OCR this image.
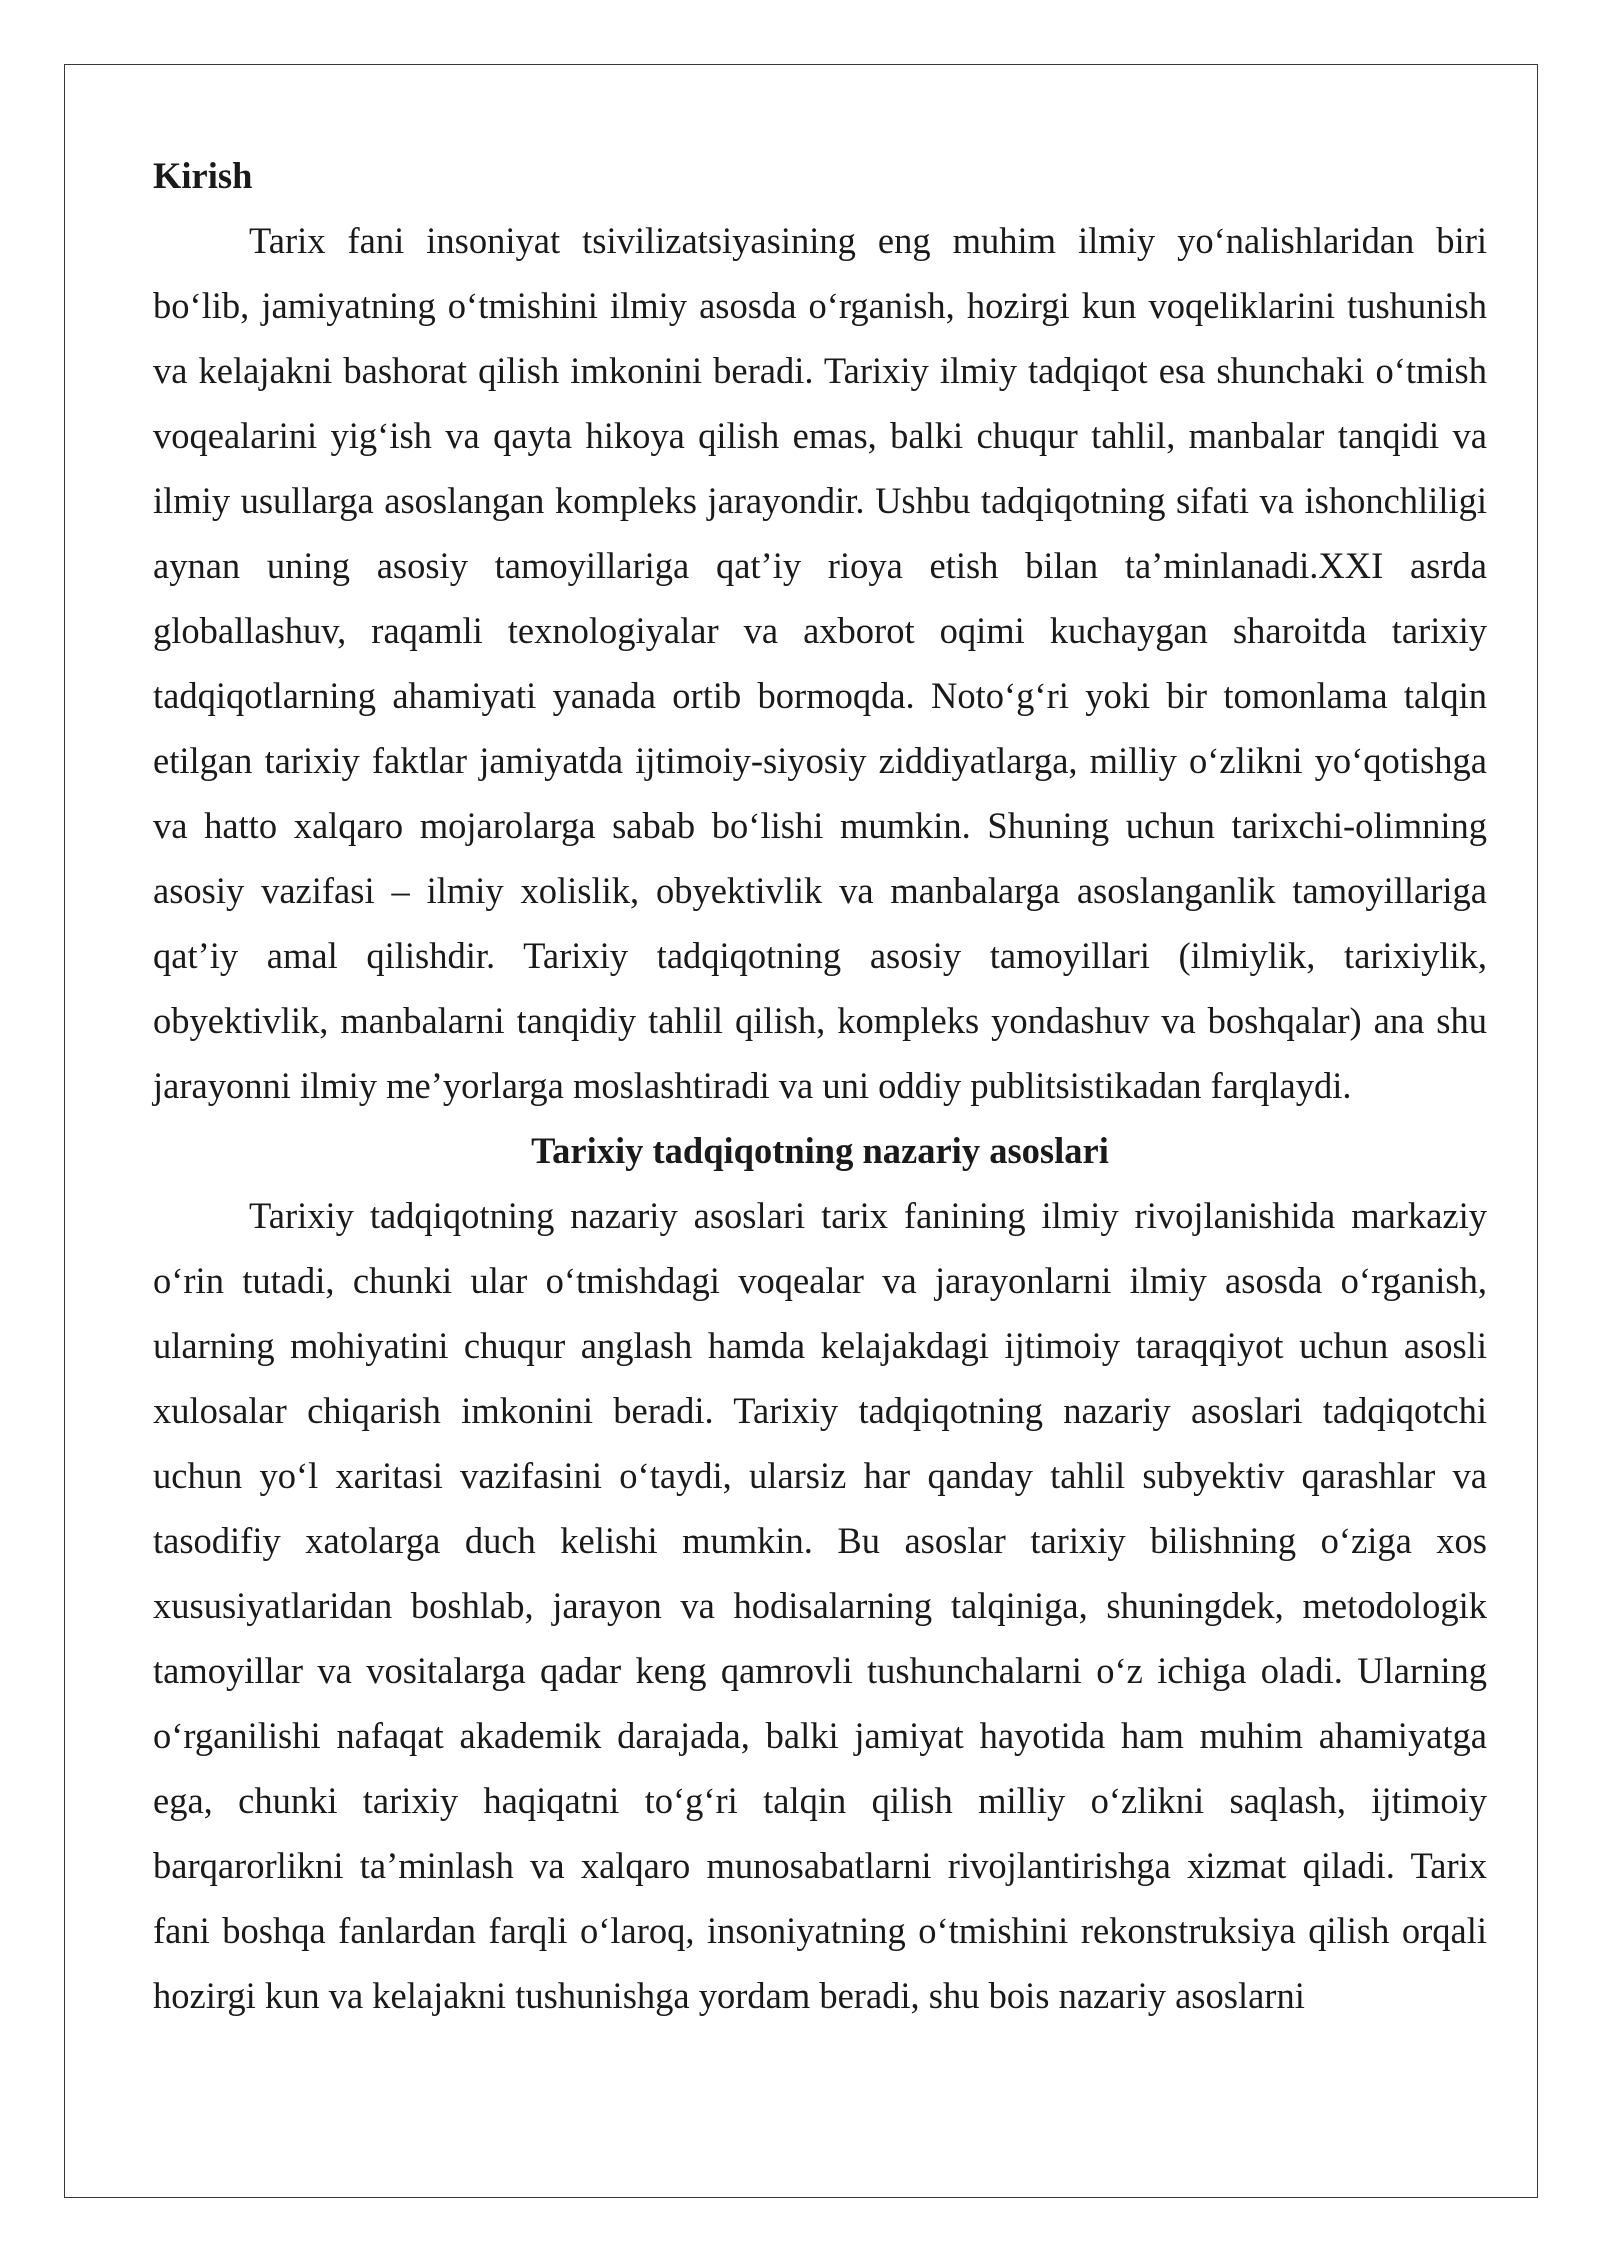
Kirish

Tarix fani insoniyat tsivilizatsiyasining eng muhim ilmiy yo‘nalishlaridan biri bo‘lib, jamiyatning o‘tmishini ilmiy asosda o‘rganish, hozirgi kun voqeliklarini tushunish va kelajakni bashorat qilish imkonini beradi. Tarixiy ilmiy tadqiqot esa shunchaki o‘tmish voqealarini yig‘ish va qayta hikoya qilish emas, balki chuqur tahlil, manbalar tanqidi va ilmiy usullarga asoslangan kompleks jarayondir. Ushbu tadqiqotning sifati va ishonchliligi aynan uning asosiy tamoyillariga qat’iy rioya etish bilan ta’minlanadi.XXI asrda globallashuv, raqamli texnologiyalar va axborot oqimi kuchaygan sharoitda tarixiy tadqiqotlarning ahamiyati yanada ortib bormoqda. Noto‘g‘ri yoki bir tomonlama talqin etilgan tarixiy faktlar jamiyatda ijtimoiy-siyosiy ziddiyatlarga, milliy o‘zlikni yo‘qotishga va hatto xalqaro mojarolarga sabab bo‘lishi mumkin. Shuning uchun tarixchi-olimning asosiy vazifasi – ilmiy xolislik, obyektivlik va manbalarga asoslanganlik tamoyillariga qat’iy amal qilishdir. Tarixiy tadqiqotning asosiy tamoyillari (ilmiylik, tarixiylik, obyektivlik, manbalarni tanqidiy tahlil qilish, kompleks yondashuv va boshqalar) ana shu jarayonni ilmiy me’yorlarga moslashtiradi va uni oddiy publitsistikadan farqlaydi.

Tarixiy tadqiqotning nazariy asoslari

Tarixiy tadqiqotning nazariy asoslari tarix fanining ilmiy rivojlanishida markaziy o‘rin tutadi, chunki ular o‘tmishdagi voqealar va jarayonlarni ilmiy asosda o‘rganish, ularning mohiyatini chuqur anglash hamda kelajakdagi ijtimoiy taraqqiyot uchun asosli xulosalar chiqarish imkonini beradi. Tarixiy tadqiqotning nazariy asoslari tadqiqotchi uchun yo‘l xaritasi vazifasini o‘taydi, ularsiz har qanday tahlil subyektiv qarashlar va tasodifiy xatolarga duch kelishi mumkin. Bu asoslar tarixiy bilishning o‘ziga xos xususiyatlaridan boshlab, jarayon va hodisalarning talqiniga, shuningdek, metodologik tamoyillar va vositalarga qadar keng qamrovli tushunchalarni o‘z ichiga oladi. Ularning o‘rganilishi nafaqat akademik darajada, balki jamiyat hayotida ham muhim ahamiyatga ega, chunki tarixiy haqiqatni to‘g‘ri talqin qilish milliy o‘zlikni saqlash, ijtimoiy barqarorlikni ta’minlash va xalqaro munosabatlarni rivojlantirishga xizmat qiladi. Tarix fani boshqa fanlardan farqli o‘laroq, insoniyatning o‘tmishini rekonstruksiya qilish orqali hozirgi kun va kelajakni tushunishga yordam beradi, shu bois nazariy asoslarni
